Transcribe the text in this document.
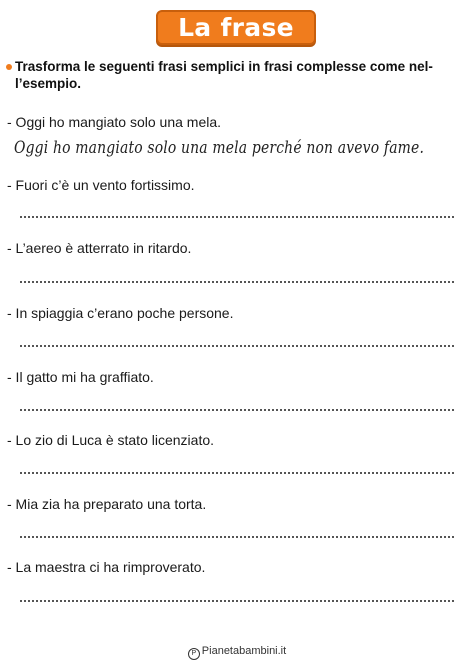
La frase
Trasforma le seguenti frasi semplici in frasi complesse come nel-
l’esempio.
- Oggi ho mangiato solo una mela.
Oggi ho mangiato solo una mela perché non avevo fame.
- Fuori c’è un vento fortissimo.
- L’aereo è atterrato in ritardo.
- In spiaggia c’erano poche persone.
- Il gatto mi ha graffiato.
- Lo zio di Luca è stato licenziato.
- Mia zia ha preparato una torta.
- La maestra ci ha rimproverato.
P Pianetabambini.it
